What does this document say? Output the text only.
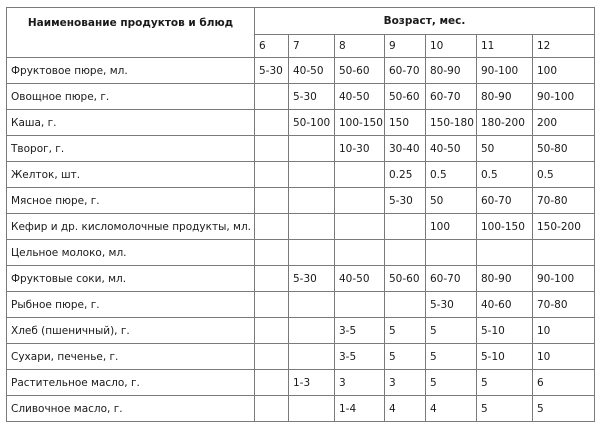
Наименование продуктов и блюд	Возраст, мес.						
	6	7	8	9	10	11	12
Фруктовое пюре, мл.	5-30	40-50	50-60	60-70	80-90	90-100	100
Овощное пюре, г.		5-30	40-50	50-60	60-70	80-90	90-100
Каша, г.		50-100	100-150	150	150-180	180-200	200
Творог, г.			10-30	30-40	40-50	50	50-80
Желток, шт.				0.25	0.5	0.5	0.5
Мясное пюре, г.				5-30	50	60-70	70-80
Кефир и др. кисломолочные продукты, мл.					100	100-150	150-200
Цельное молоко, мл.							
Фруктовые соки, мл.		5-30	40-50	50-60	60-70	80-90	90-100
Рыбное пюре, г.					5-30	40-60	70-80
Хлеб (пшеничный), г.			3-5	5	5	5-10	10
Сухари, печенье, г.			3-5	5	5	5-10	10
Растительное масло, г.		1-3	3	3	5	5	6
Сливочное масло, г.			1-4	4	4	5	5
